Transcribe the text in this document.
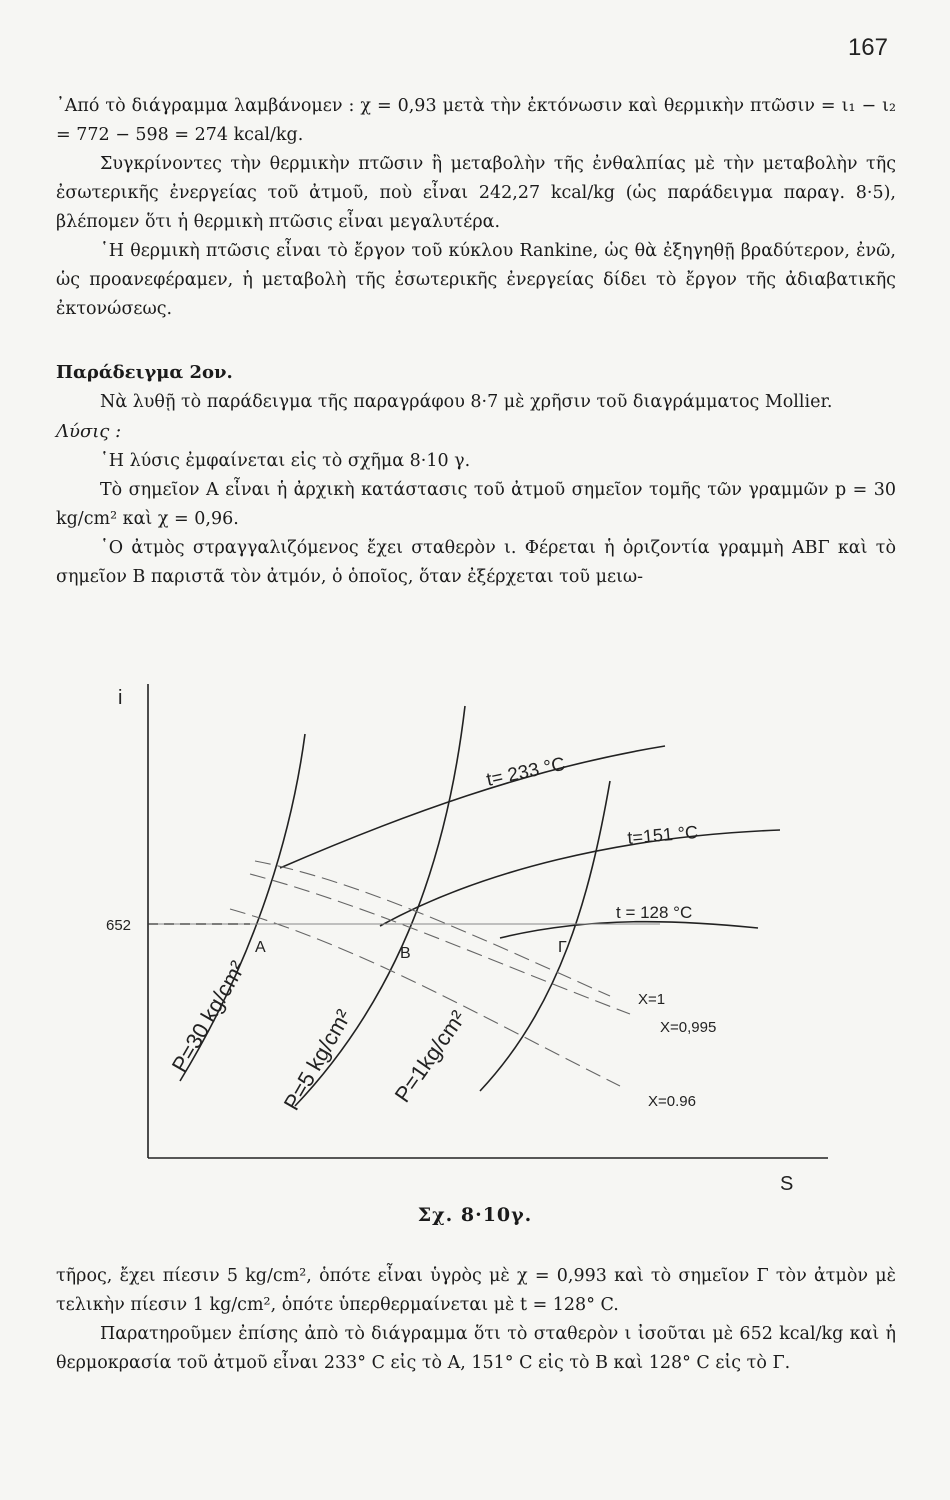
167

᾿Από τὸ διάγραμμα λαμβάνομεν : χ = 0,93 μετὰ τὴν ἐκτόνωσιν καὶ θερμικὴν πτῶσιν = ι₁ − ι₂ = 772 − 598 = 274 kcal/kg.

Συγκρίνοντες τὴν θερμικὴν πτῶσιν ἢ μεταβολὴν τῆς ἐνθαλπίας μὲ τὴν μεταβολὴν τῆς ἐσωτερικῆς ἐνεργείας τοῦ ἀτμοῦ, ποὺ εἶναι 242,27 kcal/kg (ὡς παράδειγμα παραγ. 8·5), βλέπομεν ὅτι ἡ θερμικὴ πτῶσις εἶναι μεγαλυτέρα.

῾Η θερμικὴ πτῶσις εἶναι τὸ ἔργον τοῦ κύκλου Rankine, ὡς θὰ ἐξηγηθῇ βραδύτερον, ἐνῶ, ὡς προανεφέραμεν, ἡ μεταβολὴ τῆς ἐσωτερικῆς ἐνεργείας δίδει τὸ ἔργον τῆς ἀδιαβατικῆς ἐκτονώσεως.

Παράδειγμα 2ον.

Νὰ λυθῇ τὸ παράδειγμα τῆς παραγράφου 8·7 μὲ χρῆσιν τοῦ διαγράμματος Mollier.

Λύσις :

῾Η λύσις ἐμφαίνεται εἰς τὸ σχῆμα 8·10 γ.

Τὸ σημεῖον Α εἶναι ἡ ἀρχικὴ κατάστασις τοῦ ἀτμοῦ σημεῖον τομῆς τῶν γραμμῶν p = 30 kg/cm² καὶ χ = 0,96.

῾Ο ἀτμὸς στραγγαλιζόμενος ἔχει σταθερὸν ι. Φέρεται ἡ ὁριζοντία γραμμὴ ΑΒΓ καὶ τὸ σημεῖον Β παριστᾶ τὸν ἀτμόν, ὁ ὁποῖος, ὅταν ἐξέρχεται τοῦ μειω-

i
S
652
Α	Β	Γ
t= 233 °C
t=151 °C
t = 128 °C
X=1
X=0,995
X=0.96
P=30 kg/cm² P=5 kg/cm² P=1kg/cm²
Σχ. 8·10γ.

τῆρος, ἔχει πίεσιν 5 kg/cm², ὁπότε εἶναι ὑγρὸς μὲ χ = 0,993 καὶ τὸ σημεῖον Γ τὸν ἀτμὸν μὲ τελικὴν πίεσιν 1 kg/cm², ὁπότε ὑπερθερμαίνεται μὲ t = 128° C.

Παρατηροῦμεν ἐπίσης ἀπὸ τὸ διάγραμμα ὅτι τὸ σταθερὸν ι ἰσοῦται μὲ 652 kcal/kg καὶ ἡ θερμοκρασία τοῦ ἀτμοῦ εἶναι 233° C εἰς τὸ Α, 151° C εἰς τὸ Β καὶ 128° C εἰς τὸ Γ.
